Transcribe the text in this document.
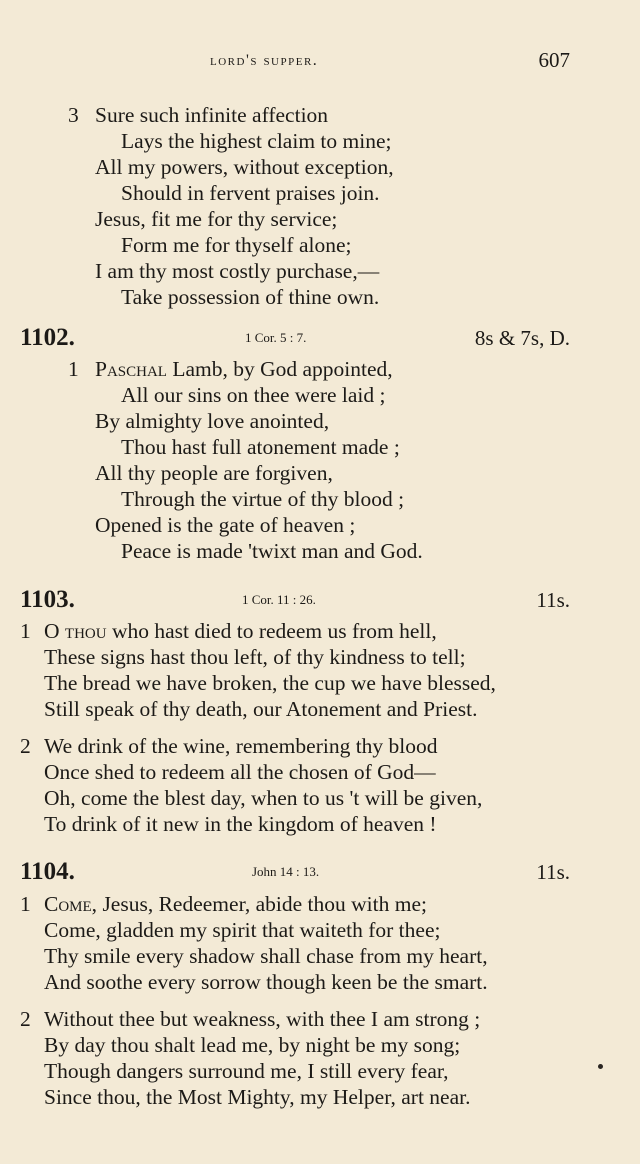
lord's supper.	607
3 Sure such infinite affection
Lays the highest claim to mine;
All my powers, without exception,
Should in fervent praises join.
Jesus, fit me for thy service;
Form me for thyself alone;
I am thy most costly purchase,—
Take possession of thine own.
1102.	1 Cor. 5 : 7.	8s & 7s, D.
1 Paschal Lamb, by God appointed,
All our sins on thee were laid ;
By almighty love anointed,
Thou hast full atonement made ;
All thy people are forgiven,
Through the virtue of thy blood ;
Opened is the gate of heaven ;
Peace is made 'twixt man and God.
1103.	1 Cor. 11 : 26.	11s.
1 O thou who hast died to redeem us from hell,
These signs hast thou left, of thy kindness to tell;
The bread we have broken, the cup we have blessed,
Still speak of thy death, our Atonement and Priest.
2 We drink of the wine, remembering thy blood
Once shed to redeem all the chosen of God—
Oh, come the blest day, when to us 't will be given,
To drink of it new in the kingdom of heaven !
1104.	John 14 : 13.	11s.
1 Come, Jesus, Redeemer, abide thou with me;
Come, gladden my spirit that waiteth for thee;
Thy smile every shadow shall chase from my heart,
And soothe every sorrow though keen be the smart.
2 Without thee but weakness, with thee I am strong ;
By day thou shalt lead me, by night be my song;
Though dangers surround me, I still every fear,
Since thou, the Most Mighty, my Helper, art near.
